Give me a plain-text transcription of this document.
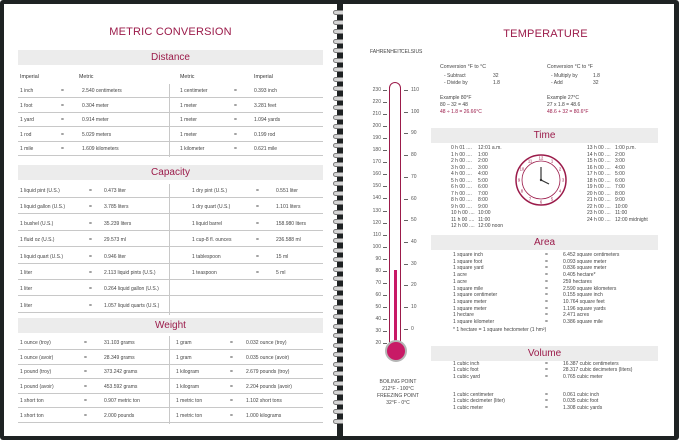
METRIC CONVERSION
Distance
Imperial	Metric	Metric	Imperial
1 inch	=	2.540 centimeters	1 centimeter	=	0.393 inch
1 foot	=	0.304 meter	1 meter	=	3.281 feet
1 yard	=	0.914 meter	1 meter	=	1.094 yards
1 rod	=	5.029 meters	1 meter	=	0.199 rod
1 mile	=	1.609 kilometers	1 kilometer	=	0.621 mile
Capacity
1 liquid pint (U.S.)	= 0.473 liter	1 dry pint (U.S.)	=	0.551 liter
1 liquid gallon (U.S.)	= 3.785 liters	1 dry quart (U.S.)	=	1.101 liters
1 bushel (U.S.)	= 35.239 liters	1 liquid barrel	=	158.980 liters
1 fluid oz (U.S.)	= 29.573 ml	1 cup-8 fl. ounces	=	236.588 ml
1 liquid quart (U.S.)	= 0.946 liter	1 tablespoon	=	15 ml
1 liter	= 2.113 liquid pints (U.S.)	1 teaspoon	=	5 ml
1 liter	= 0.264 liquid gallon (U.S.)
1 liter	= 1.057 liquid quarts (U.S.)
Weight
1 ounce (troy)	=	31.103 grams	1 gram	=	0.032 ounce (troy)
1 ounce (avoir)	=	28.349 grams	1 gram	=	0.035 ounce (avoir)
1 pound (troy)	=	373.242 grams	1 kilogram	=	2.679 pounds (troy)
1 pound (avoir)	=	453.592 grams	1 kilogram	=	2.204 pounds (avoir)
1 short ton	=	0.907 metric ton	1 metric ton	=	1.102 short tons
1 short ton	=	2.000 pounds	1 metric ton	=	1.000 kilograms
TEMPERATURE
FAHRENHEIT CELSIUS
Conversion °F to °C
- Subtract	32
- Divide by	1.8
Example 80°F
80 – 32 = 48
48 ÷ 1.8 = 26.66°C
Conversion °C to °F
- Multiply by	1.8
- Add	32
Example 27°C
27 x 1.8 = 48.6
48.6 + 32 = 80.6°F
Time
0 h 01 .... 12:01 a.m.
1 h 00 .... 1:00
2 h 00 .... 2:00
3 h 00 .... 3:00
4 h 00 .... 4:00
5 h 00 .... 5:00
6 h 00 .... 6:00
7 h 00 .... 7:00
8 h 00 .... 8:00
9 h 00 .... 9:00
10 h 00 .... 10:00
11 h 00 .... 11:00
12 h 00 .... 12:00 noon
13 h 00 .... 1:00 p.m.
14 h 00 .... 2:00
15 h 00 .... 3:00
16 h 00 .... 4:00
17 h 00 .... 5:00
18 h 00 .... 6:00
19 h 00 .... 7:00
20 h 00 .... 8:00
21 h 00 .... 9:00
22 h 00 .... 10:00
23 h 00 .... 11:00
24 h 00 .... 12:00 midnight
12
1
2
3
4
5
6
7
8
9
10
11
Area
1 square inch	=	6.452 square centimeters
1 square foot	=	0.093 square meter
1 square yard	=	0.836 square meter
1 acre	=	0.405 hectare*
1 acre	=	259 hectares
1 square mile	=	2.590 square kilometers
1 square centimeter	=	0.155 square inch
1 square meter	=	10.764 square feet
1 square meter	=	1.196 square yards
1 hectare	=	2.471 acres
1 square kilometer	=	0.386 square mile
* 1 hectare = 1 square hectometer (1 hm²)
Volume
1 cubic inch	=	16.387 cubic centimeters
1 cubic foot	=	28.317 cubic decimeters (liters)
1 cubic yard	=	0.765 cubic meter
1 cubic centimeter	=	0.061 cubic inch
1 cubic decimeter (liter)	=	0.035 cubic foot
1 cubic meter	=	1.308 cubic yards
230
220
210
200
190
180
170
160
150
140
130
120
110
100
90
80
70
60
50
40
30
20
110
100
90
80
70
60
50
40
30
20
10
0
BOILING POINT
212°F - 100°C
FREEZING POINT
32°F - 0°C
